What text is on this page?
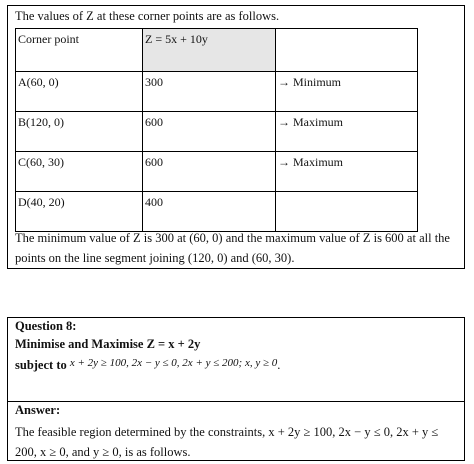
The values of Z at these corner points are as follows.
Corner point	Z = 5x + 10y	
A(60, 0)	300	→ Minimum
B(120, 0)	600	→ Maximum
C(60, 30)	600	→ Maximum
D(40, 20)	400	
The minimum value of Z is 300 at (60, 0) and the maximum value of Z is 600 at all the points on the line segment joining (120, 0) and (60, 30).
Question 8:
Minimise and Maximise Z = x + 2y
subject to x + 2y ≥ 100, 2x − y ≤ 0, 2x + y ≤ 200; x, y ≥ 0.
Answer:
The feasible region determined by the constraints, x + 2y ≥ 100, 2x − y ≤ 0, 2x + y ≤ 200, x ≥ 0, and y ≥ 0, is as follows.
